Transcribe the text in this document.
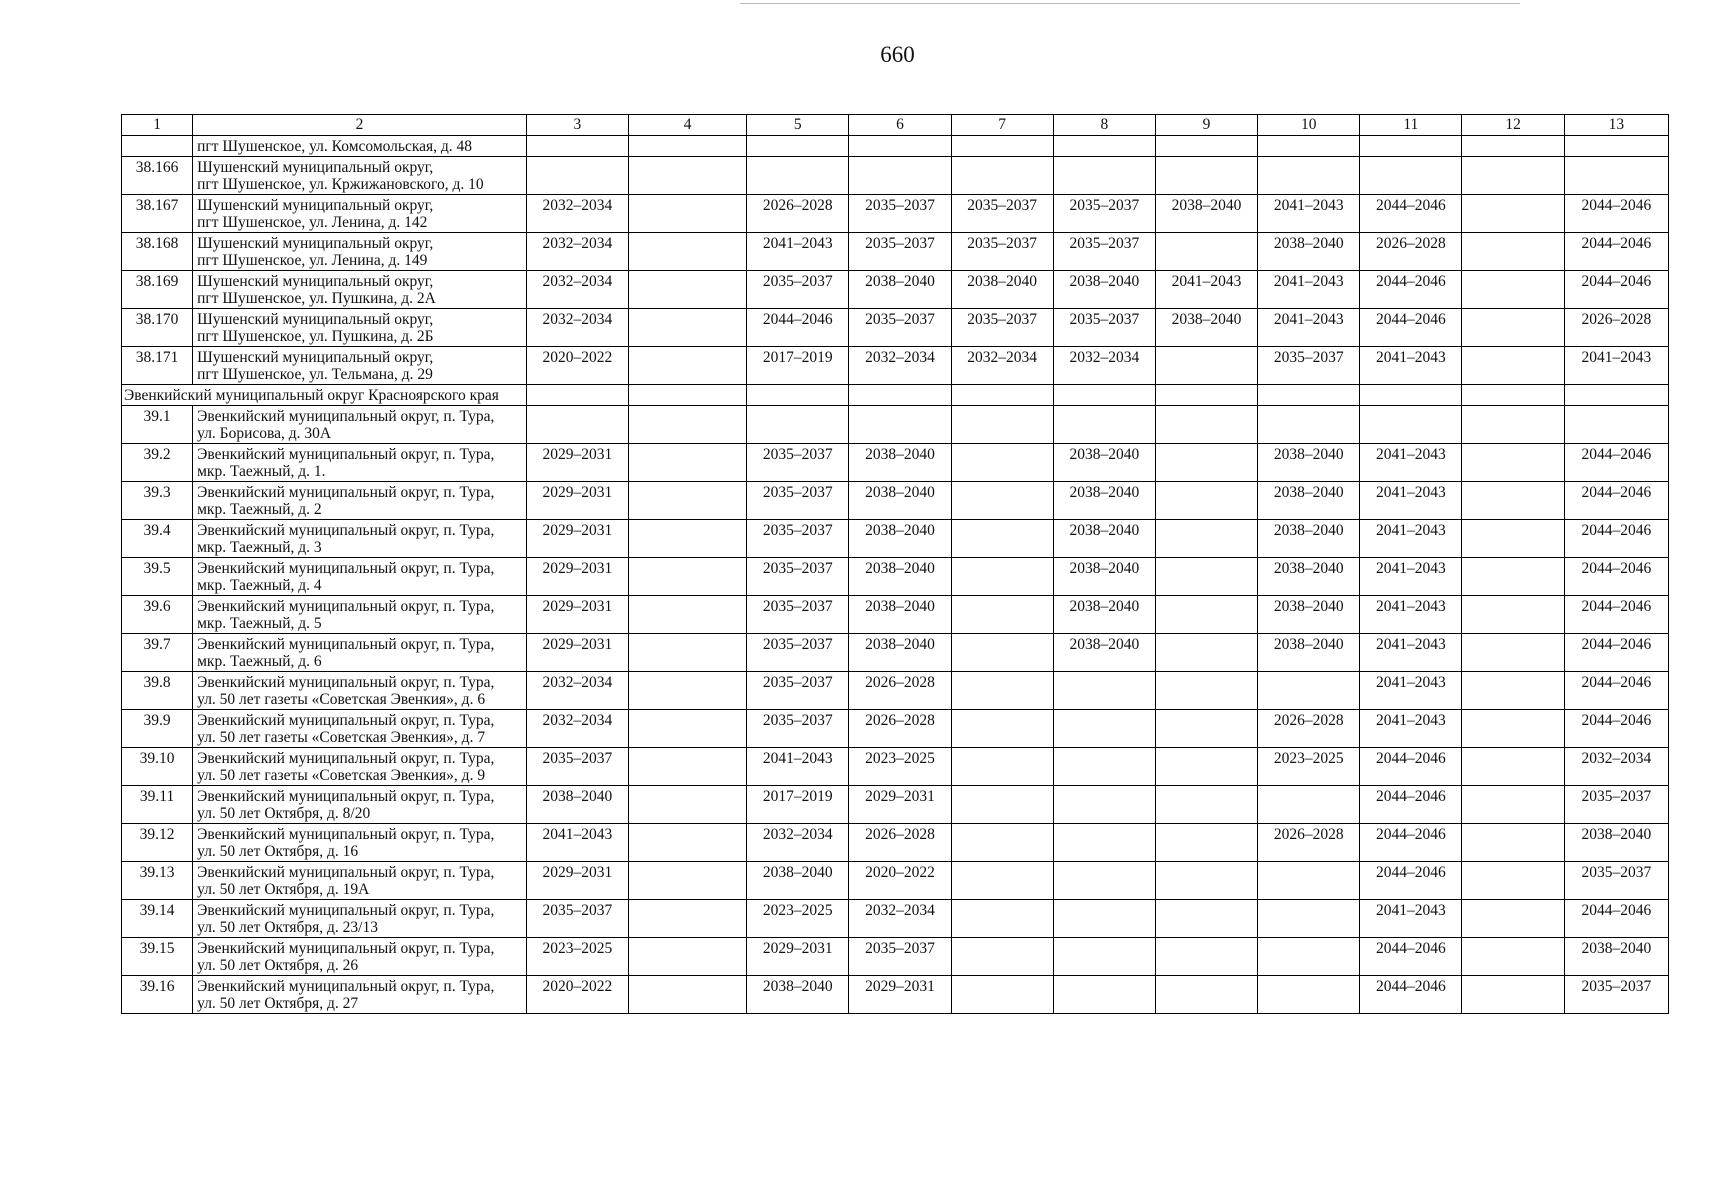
660
1	2	3	4	5	6	7	8	9	10	11	12	13
	пгт Шушенское, ул. Комсомольская, д. 48											
38.166	Шушенский муниципальный округ,
пгт Шушенское, ул. Кржижановского, д. 10											
38.167	Шушенский муниципальный округ,
пгт Шушенское, ул. Ленина, д. 142	2032–2034		2026–2028	2035–2037	2035–2037	2035–2037	2038–2040	2041–2043	2044–2046		2044–2046
38.168	Шушенский муниципальный округ,
пгт Шушенское, ул. Ленина, д. 149	2032–2034		2041–2043	2035–2037	2035–2037	2035–2037		2038–2040	2026–2028		2044–2046
38.169	Шушенский муниципальный округ,
пгт Шушенское, ул. Пушкина, д. 2А	2032–2034		2035–2037	2038–2040	2038–2040	2038–2040	2041–2043	2041–2043	2044–2046		2044–2046
38.170	Шушенский муниципальный округ,
пгт Шушенское, ул. Пушкина, д. 2Б	2032–2034		2044–2046	2035–2037	2035–2037	2035–2037	2038–2040	2041–2043	2044–2046		2026–2028
38.171	Шушенский муниципальный округ,
пгт Шушенское, ул. Тельмана, д. 29	2020–2022		2017–2019	2032–2034	2032–2034	2032–2034		2035–2037	2041–2043		2041–2043
Эвенкийский муниципальный округ Красноярского края												
39.1	Эвенкийский муниципальный округ, п. Тура,
ул. Борисова, д. 30А											
39.2	Эвенкийский муниципальный округ, п. Тура,
мкр. Таежный, д. 1.	2029–2031		2035–2037	2038–2040		2038–2040		2038–2040	2041–2043		2044–2046
39.3	Эвенкийский муниципальный округ, п. Тура,
мкр. Таежный, д. 2	2029–2031		2035–2037	2038–2040		2038–2040		2038–2040	2041–2043		2044–2046
39.4	Эвенкийский муниципальный округ, п. Тура,
мкр. Таежный, д. 3	2029–2031		2035–2037	2038–2040		2038–2040		2038–2040	2041–2043		2044–2046
39.5	Эвенкийский муниципальный округ, п. Тура,
мкр. Таежный, д. 4	2029–2031		2035–2037	2038–2040		2038–2040		2038–2040	2041–2043		2044–2046
39.6	Эвенкийский муниципальный округ, п. Тура,
мкр. Таежный, д. 5	2029–2031		2035–2037	2038–2040		2038–2040		2038–2040	2041–2043		2044–2046
39.7	Эвенкийский муниципальный округ, п. Тура,
мкр. Таежный, д. 6	2029–2031		2035–2037	2038–2040		2038–2040		2038–2040	2041–2043		2044–2046
39.8	Эвенкийский муниципальный округ, п. Тура,
ул. 50 лет газеты «Советская Эвенкия», д. 6	2032–2034		2035–2037	2026–2028					2041–2043		2044–2046
39.9	Эвенкийский муниципальный округ, п. Тура,
ул. 50 лет газеты «Советская Эвенкия», д. 7	2032–2034		2035–2037	2026–2028				2026–2028	2041–2043		2044–2046
39.10	Эвенкийский муниципальный округ, п. Тура,
ул. 50 лет газеты «Советская Эвенкия», д. 9	2035–2037		2041–2043	2023–2025				2023–2025	2044–2046		2032–2034
39.11	Эвенкийский муниципальный округ, п. Тура,
ул. 50 лет Октября, д. 8/20	2038–2040		2017–2019	2029–2031					2044–2046		2035–2037
39.12	Эвенкийский муниципальный округ, п. Тура,
ул. 50 лет Октября, д. 16	2041–2043		2032–2034	2026–2028				2026–2028	2044–2046		2038–2040
39.13	Эвенкийский муниципальный округ, п. Тура,
ул. 50 лет Октября, д. 19А	2029–2031		2038–2040	2020–2022					2044–2046		2035–2037
39.14	Эвенкийский муниципальный округ, п. Тура,
ул. 50 лет Октября, д. 23/13	2035–2037		2023–2025	2032–2034					2041–2043		2044–2046
39.15	Эвенкийский муниципальный округ, п. Тура,
ул. 50 лет Октября, д. 26	2023–2025		2029–2031	2035–2037					2044–2046		2038–2040
39.16	Эвенкийский муниципальный округ, п. Тура,
ул. 50 лет Октября, д. 27	2020–2022		2038–2040	2029–2031					2044–2046		2035–2037
